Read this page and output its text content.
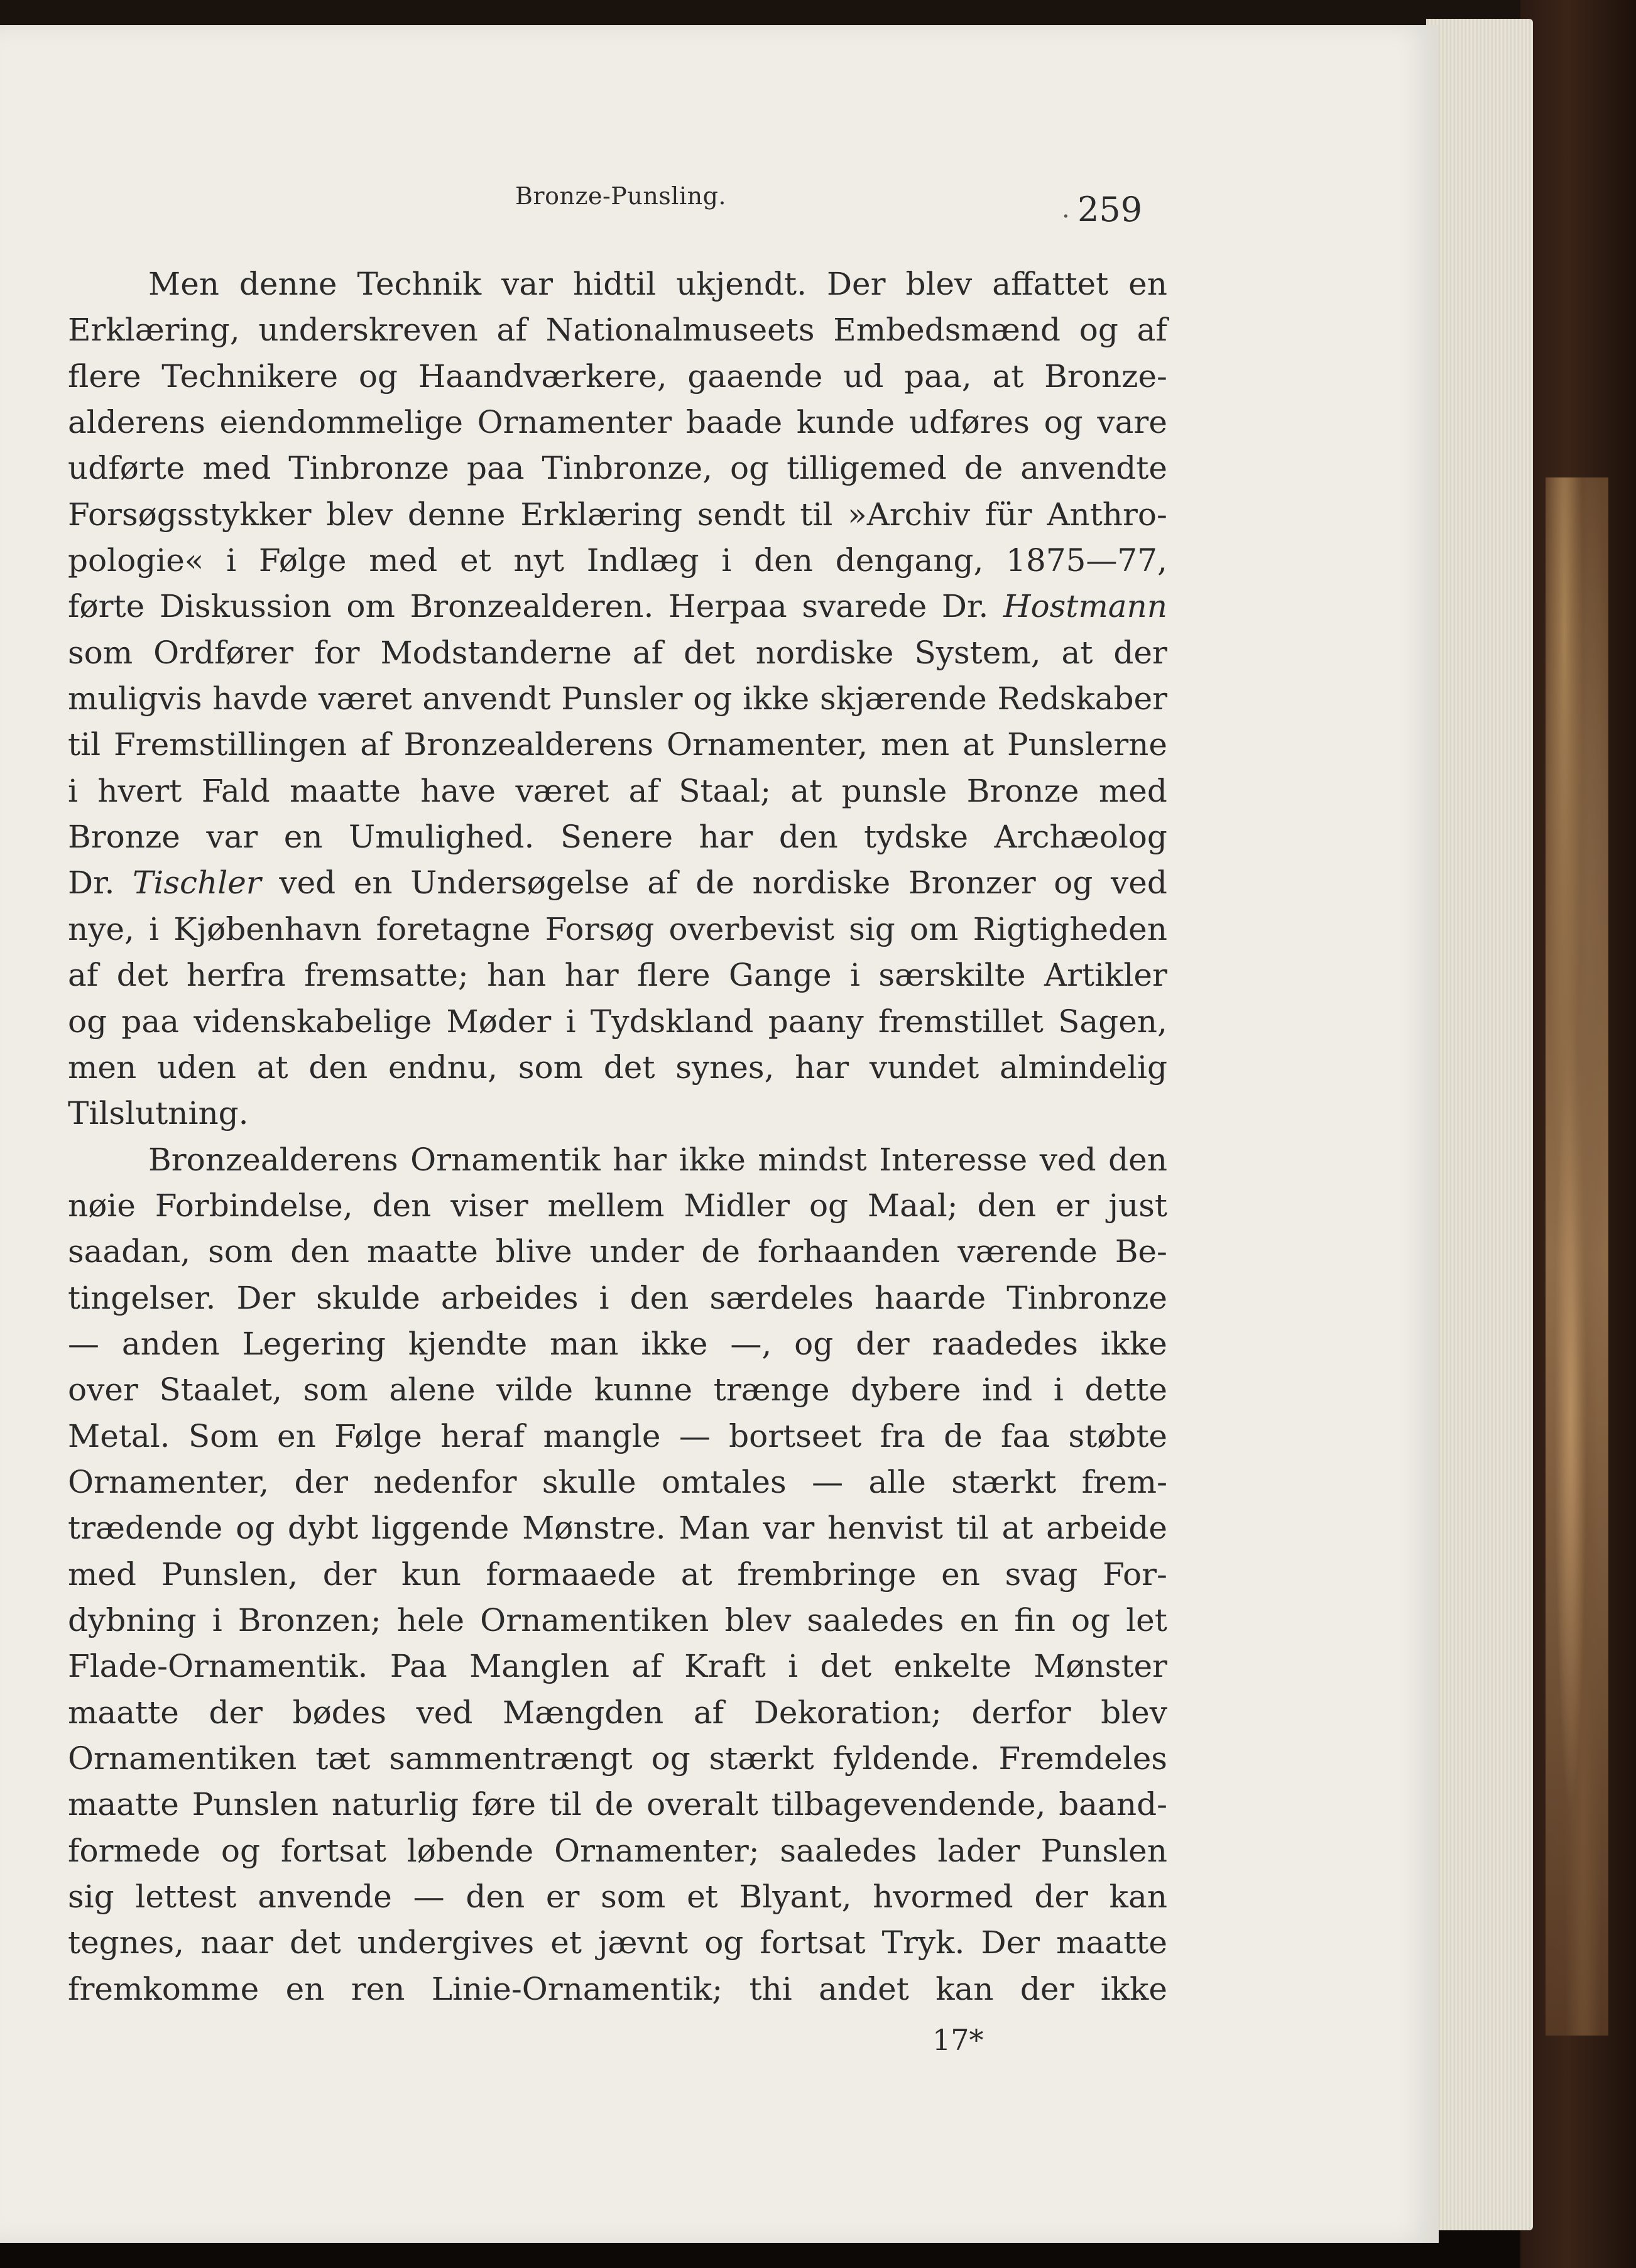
Bronze-Punsling.	. 259
Men denne Technik var hidtil ukjendt. Der blev affattet en
Erklæring, underskreven af Nationalmuseets Embedsmænd og af
flere Technikere og Haandværkere, gaaende ud paa, at Bronze-
alderens eiendommelige Ornamenter baade kunde udføres og vare
udførte med Tinbronze paa Tinbronze, og tilligemed de anvendte
Forsøgsstykker blev denne Erklæring sendt til »Archiv für Anthro-
pologie« i Følge med et nyt Indlæg i den dengang, 1875—77,
førte Diskussion om Bronzealderen. Herpaa svarede Dr. Hostmann
som Ordfører for Modstanderne af det nordiske System, at der
muligvis havde været anvendt Punsler og ikke skjærende Redskaber
til Fremstillingen af Bronzealderens Ornamenter, men at Punslerne
i hvert Fald maatte have været af Staal; at punsle Bronze med
Bronze var en Umulighed. Senere har den tydske Archæolog
Dr. Tischler ved en Undersøgelse af de nordiske Bronzer og ved
nye, i Kjøbenhavn foretagne Forsøg overbevist sig om Rigtigheden
af det herfra fremsatte; han har flere Gange i særskilte Artikler
og paa videnskabelige Møder i Tydskland paany fremstillet Sagen,
men uden at den endnu, som det synes, har vundet almindelig
Tilslutning.
Bronzealderens Ornamentik har ikke mindst Interesse ved den
nøie Forbindelse, den viser mellem Midler og Maal; den er just
saadan, som den maatte blive under de forhaanden værende Be-
tingelser. Der skulde arbeides i den særdeles haarde Tinbronze
— anden Legering kjendte man ikke —, og der raadedes ikke
over Staalet, som alene vilde kunne trænge dybere ind i dette
Metal. Som en Følge heraf mangle — bortseet fra de faa støbte
Ornamenter, der nedenfor skulle omtales — alle stærkt frem-
trædende og dybt liggende Mønstre. Man var henvist til at arbeide
med Punslen, der kun formaaede at frembringe en svag For-
dybning i Bronzen; hele Ornamentiken blev saaledes en fin og let
Flade-Ornamentik. Paa Manglen af Kraft i det enkelte Mønster
maatte der bødes ved Mængden af Dekoration; derfor blev
Ornamentiken tæt sammentrængt og stærkt fyldende. Fremdeles
maatte Punslen naturlig føre til de overalt tilbagevendende, baand-
formede og fortsat løbende Ornamenter; saaledes lader Punslen
sig lettest anvende — den er som et Blyant, hvormed der kan
tegnes, naar det undergives et jævnt og fortsat Tryk. Der maatte
fremkomme en ren Linie-Ornamentik; thi andet kan der ikke
17*
